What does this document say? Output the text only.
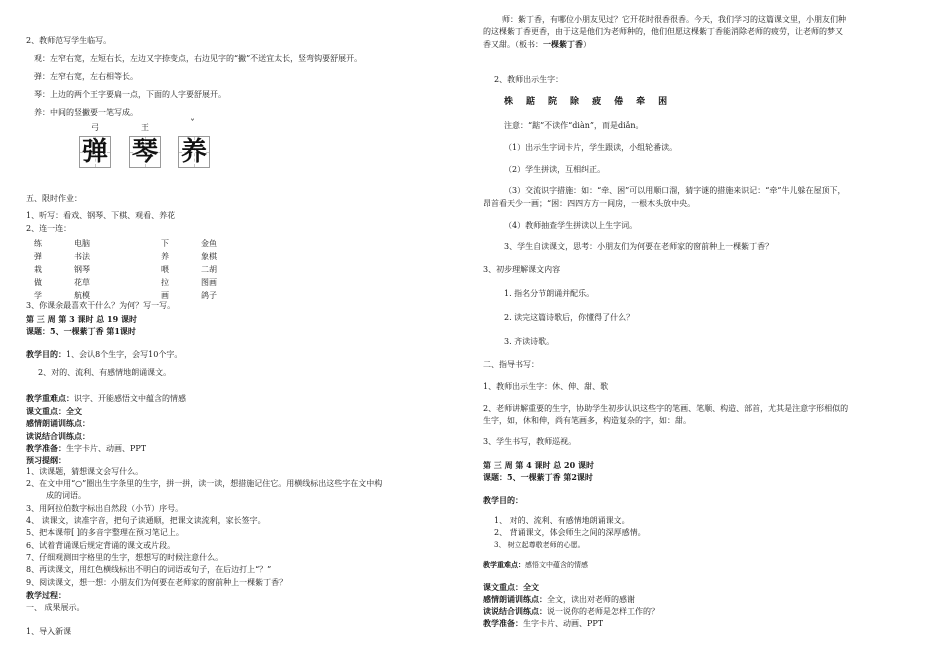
2、教师范写学生临写。
观：左窄右宽，左短右长，左边又字捺变点，右边见字的“撇”不送宜太长，竖弯钩要舒展开。
弹：左窄右宽，左右相等长。
琴：上边的两个王字要扁一点，下面的人字要舒展开。
养：中间的竖撇要一笔写成。
弓	王	ˇ
弹 琴 养
五、限时作业：
1、听写：看戏、钢琴、下棋、观看、养花
2、连一连：
练	电脑	下	金鱼
弹	书法	养	象棋
栽	钢琴	喂	二胡
做	花草	拉	图画
学	航模	画	鸽子
3、你课余最喜欢干什么？为何？写一写。
第 三 周 第 3 课时 总 19 课时
课题：5、一棵紫丁香 第1课时
教学目的：1、会认8个生字，会写10个字。
2、对的、流利、有感情地朗诵课文。
教学重难点：识字、开能感悟文中蕴含的情感
课文重点：全文
感情朗诵训练点：
读说结合训练点：
教学准备：生字卡片、动画、PPT
预习提纲：
1、读课题，猜想课文会写什么。
2、在文中用“○”圈出生字条里的生字，拼一拼，读一读，想措施记住它。用横线标出这些字在文中构
成的词语。
3、用阿拉伯数字标出自然段（小节）序号。
4、 读课文，读准字音，把句子读通顺，把课文读流利，家长签字。
5、把本课带[ ]的多音字整理在预习笔记上。
6、试着背诵课后规定背诵的课文或片段。
7、仔细观测田字格里的生字，想想写的时候注意什么。
8、再读课文，用红色横线标出不明白的词语或句子，在后边打上“？”
9、阅读课文，想一想：小朋友们为何要在老师家的窗前种上一棵紫丁香？
教学过程：
一、 成果展示。
1、导入新课
师：紫丁香，有哪位小朋友见过？它开花时很香很香。今天，我们学习的这篇课文里，小朋友们种
的这棵紫丁香更香，由于这是他们为老师种的，他们但愿这棵紫丁香能消除老师的疲劳，让老师的梦又
香又甜。（板书：一棵紫丁香）
2、教师出示生字：
株 踮 院 除 疲 倦 牵 困
注意：“踮”不读作“diàn”，而是diǎn。
（1）出示生字词卡片，学生跟读，小组轮番读。
（2）学生拼读，互相纠正。
（3）交流识字措施：如：“牵、困”可以用顺口溜，猜字谜的措施来识记：“牵”牛儿躲在屋顶下，
昂首看天少一画；“困：四四方方一间房，一根木头放中央。
（4）教师抽查学生拼读以上生字词。
3、学生自读课文，思考：小朋友们为何要在老师家的窗前种上一棵紫丁香？
3、初步理解课文内容
1. 指名分节朗诵并配乐。
2. 读完这篇诗歌后，你懂得了什么？
3. 齐读诗歌。
二、指导书写：
1、教师出示生字：休、伸、甜、歌
2、老师讲解重要的生字，协助学生初步认识这些字的笔画、笔顺、构造、部首，尤其是注意字形相似的
生字，如，休和伸，尚有笔画多，构造复杂的字，如：甜。
3、学生书写，教师巡视。
第 三 周 第 4 课时 总 20 课时
课题：5、一棵紫丁香 第2课时
教学目的：
1、 对的、流利、有感情地朗诵课文。
2、 背诵课文，体会师生之间的深厚感情。
3、 树立起尊敬老师的心愿。
教学重难点：感悟文中蕴含的情感
课文重点：全文
感情朗诵训练点：全文，读出对老师的感谢
读说结合训练点：说一说你的老师是怎样工作的？
教学准备：生字卡片、动画、PPT
